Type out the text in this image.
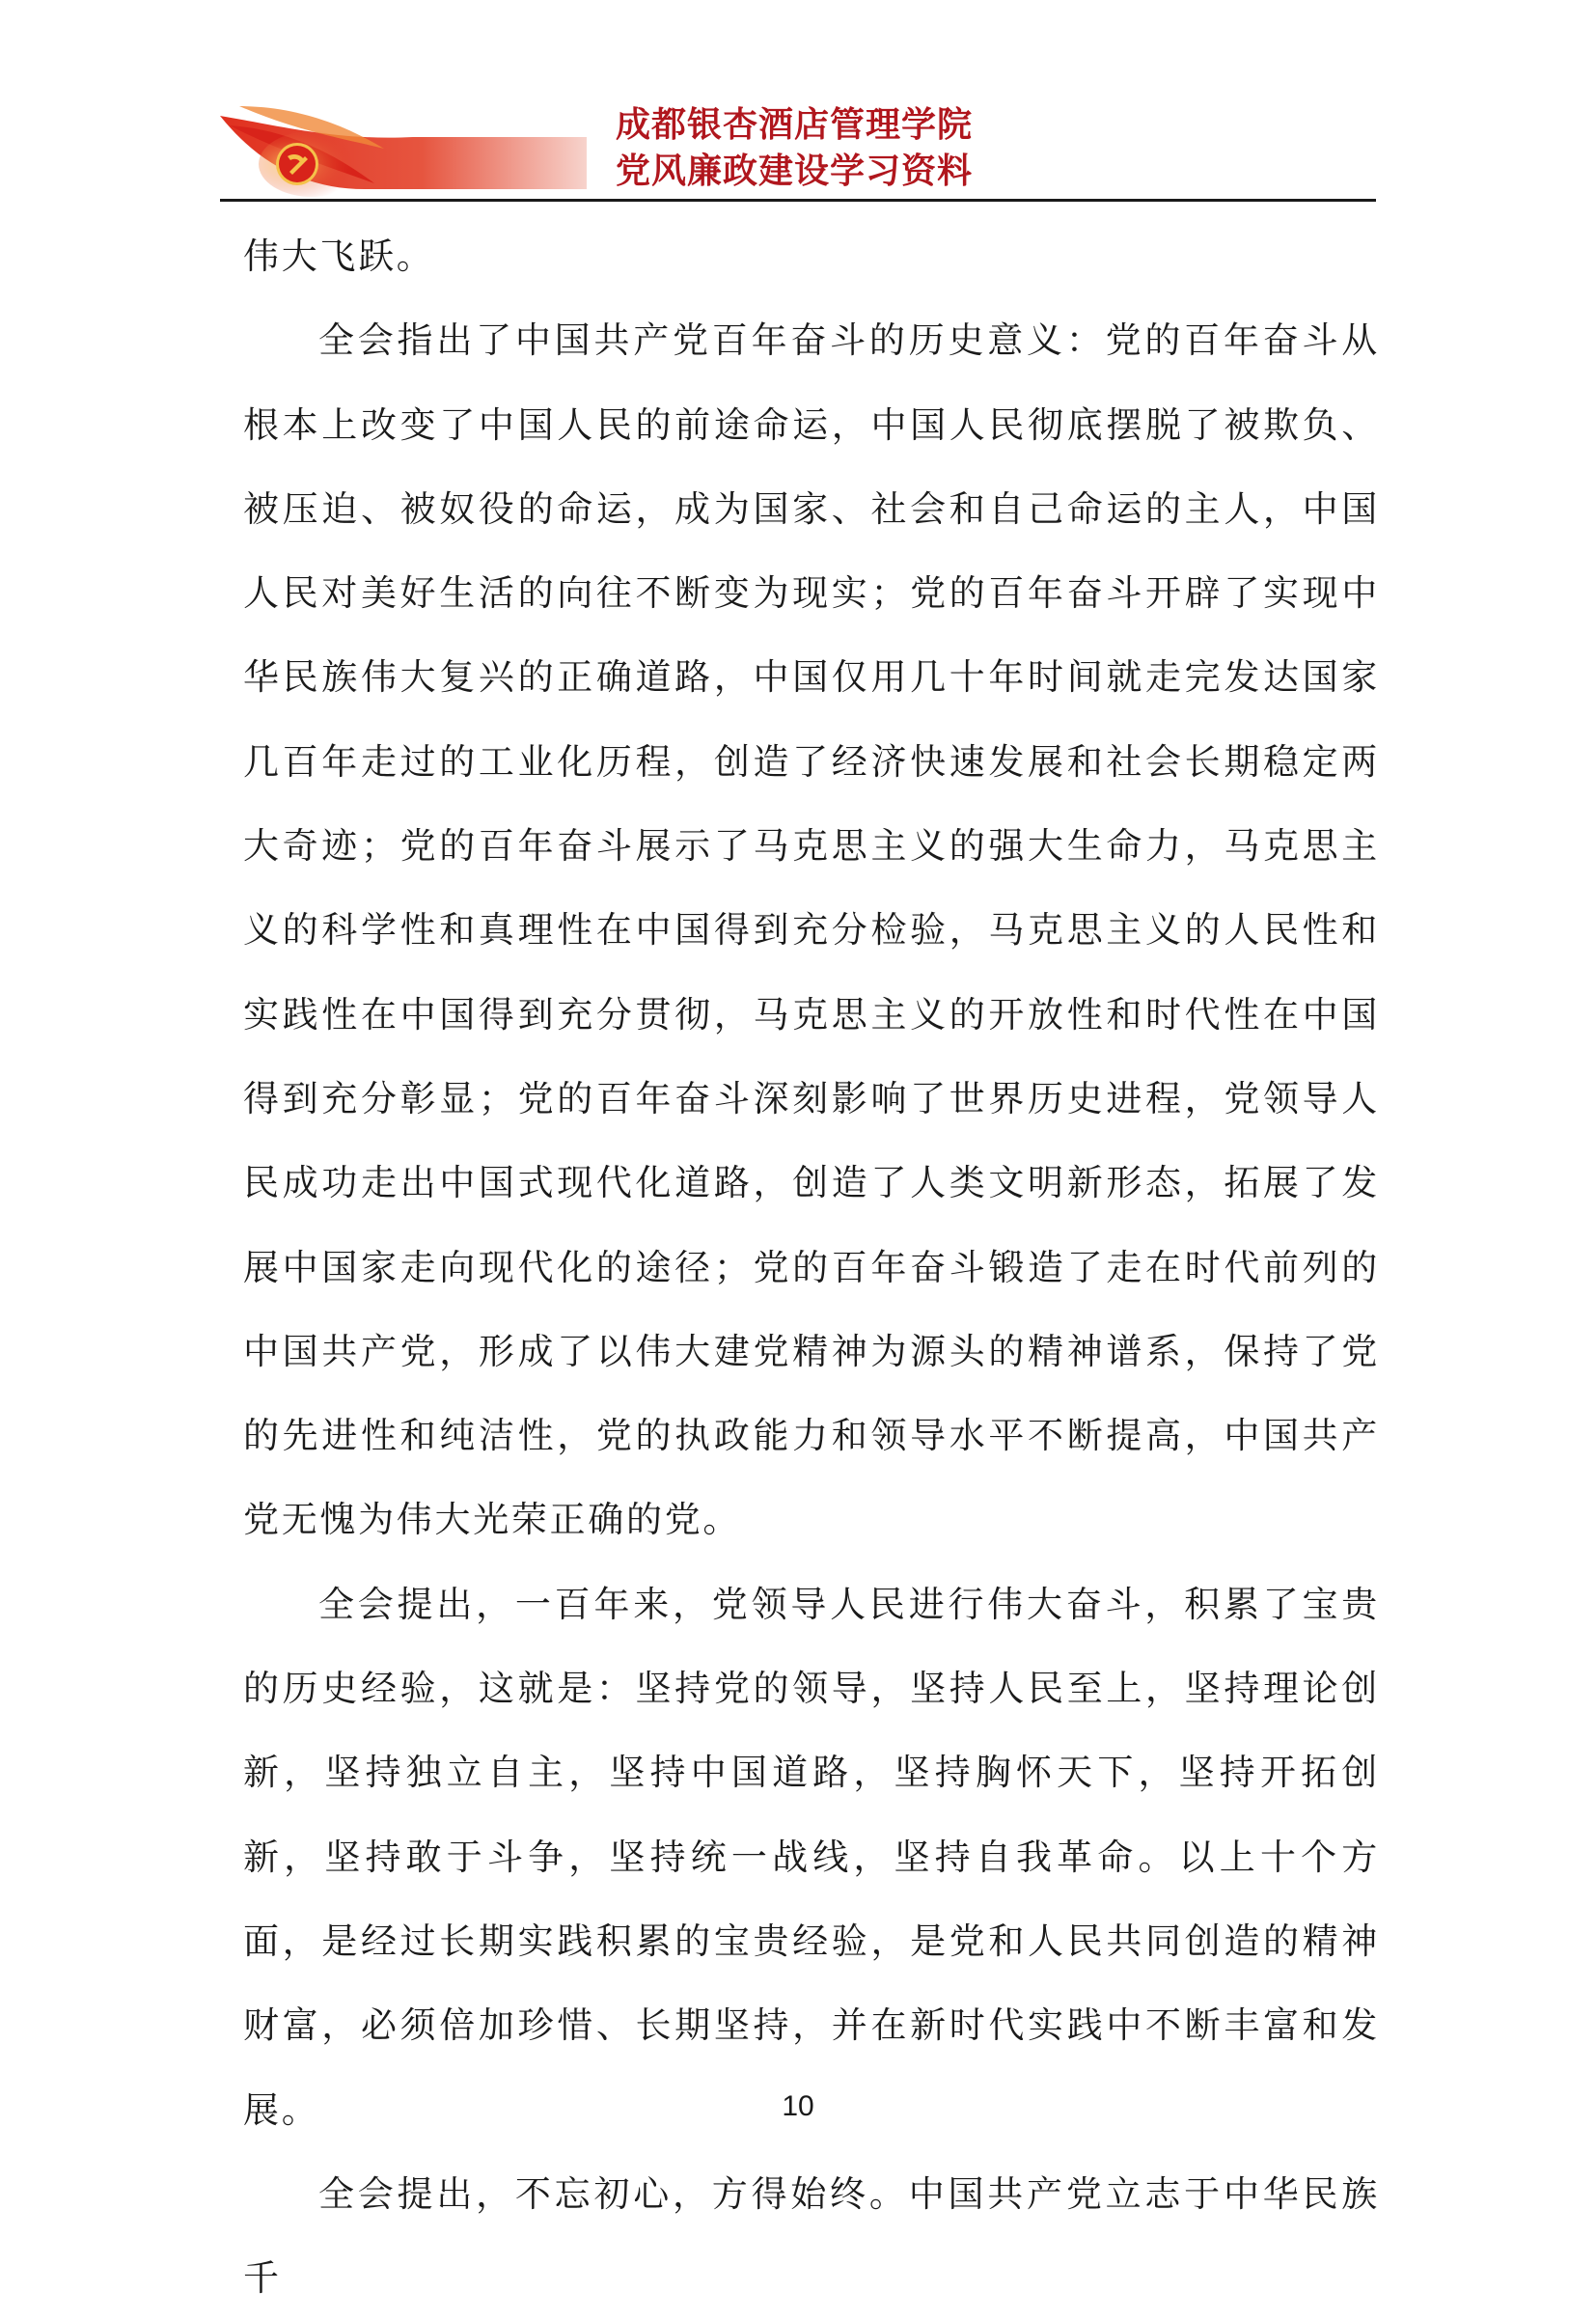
成都银杏酒店管理学院
党风廉政建设学习资料

伟大飞跃。

全会指出了中国共产党百年奋斗的历史意义：党的百年奋斗从根本上改变了中国人民的前途命运，中国人民彻底摆脱了被欺负、被压迫、被奴役的命运，成为国家、社会和自己命运的主人，中国人民对美好生活的向往不断变为现实；党的百年奋斗开辟了实现中华民族伟大复兴的正确道路，中国仅用几十年时间就走完发达国家几百年走过的工业化历程，创造了经济快速发展和社会长期稳定两大奇迹；党的百年奋斗展示了马克思主义的强大生命力，马克思主义的科学性和真理性在中国得到充分检验，马克思主义的人民性和实践性在中国得到充分贯彻，马克思主义的开放性和时代性在中国得到充分彰显；党的百年奋斗深刻影响了世界历史进程，党领导人民成功走出中国式现代化道路，创造了人类文明新形态，拓展了发展中国家走向现代化的途径；党的百年奋斗锻造了走在时代前列的中国共产党，形成了以伟大建党精神为源头的精神谱系，保持了党的先进性和纯洁性，党的执政能力和领导水平不断提高，中国共产党无愧为伟大光荣正确的党。

全会提出，一百年来，党领导人民进行伟大奋斗，积累了宝贵的历史经验，这就是：坚持党的领导，坚持人民至上，坚持理论创新，坚持独立自主，坚持中国道路，坚持胸怀天下，坚持开拓创新，坚持敢于斗争，坚持统一战线，坚持自我革命。以上十个方面，是经过长期实践积累的宝贵经验，是党和人民共同创造的精神财富，必须倍加珍惜、长期坚持，并在新时代实践中不断丰富和发展。

全会提出，不忘初心，方得始终。中国共产党立志于中华民族千

10
